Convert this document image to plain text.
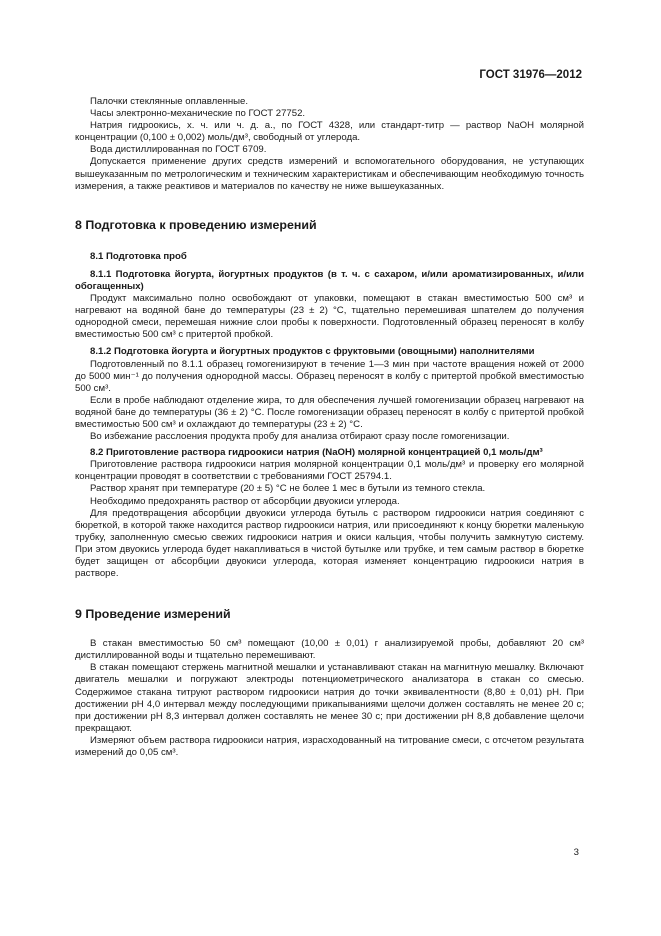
ГОСТ 31976—2012

Палочки стеклянные оплавленные.

Часы электронно-механические по ГОСТ 27752.

Натрия гидроокись, х. ч. или ч. д. а., по ГОСТ 4328, или стандарт-титр — раствор NaOH молярной концентрации (0,100 ± 0,002) моль/дм³, свободный от углерода.

Вода дистиллированная по ГОСТ 6709.

Допускается применение других средств измерений и вспомогательного оборудования, не уступающих вышеуказанным по метрологическим и техническим характеристикам и обеспечивающим необходимую точность измерения, а также реактивов и материалов по качеству не ниже вышеуказанных.

8 Подготовка к проведению измерений

8.1 Подготовка проб

8.1.1 Подготовка йогурта, йогуртных продуктов (в т. ч. с сахаром, и/или ароматизированных, и/или обогащенных)

Продукт максимально полно освобождают от упаковки, помещают в стакан вместимостью 500 см³ и нагревают на водяной бане до температуры (23 ± 2) °С, тщательно перемешивая шпателем до получения однородной смеси, перемешая нижние слои пробы к поверхности. Подготовленный образец переносят в колбу вместимостью 500 см³ с притертой пробкой.

8.1.2 Подготовка йогурта и йогуртных продуктов с фруктовыми (овощными) наполнителями

Подготовленный по 8.1.1 образец гомогенизируют в течение 1—3 мин при частоте вращения ножей от 2000 до 5000 мин⁻¹ до получения однородной массы. Образец переносят в колбу с притертой пробкой вместимостью 500 см³.

Если в пробе наблюдают отделение жира, то для обеспечения лучшей гомогенизации образец нагревают на водяной бане до температуры (36 ± 2) °С. После гомогенизации образец переносят в колбу с притертой пробкой вместимостью 500 см³ и охлаждают до температуры (23 ± 2) °С.

Во избежание расслоения продукта пробу для анализа отбирают сразу после гомогенизации.

8.2 Приготовление раствора гидроокиси натрия (NaOH) молярной концентрацией 0,1 моль/дм³

Приготовление раствора гидроокиси натрия молярной концентрации 0,1 моль/дм³ и проверку его молярной концентрации проводят в соответствии с требованиями ГОСТ 25794.1.

Раствор хранят при температуре (20 ± 5) °С не более 1 мес в бутыли из темного стекла.

Необходимо предохранять раствор от абсорбции двуокиси углерода.

Для предотвращения абсорбции двуокиси углерода бутыль с раствором гидроокиси натрия соединяют с бюреткой, в которой также находится раствор гидроокиси натрия, или присоединяют к концу бюретки маленькую трубку, заполненную смесью свежих гидроокиси натрия и окиси кальция, чтобы получить замкнутую систему. При этом двуокись углерода будет накапливаться в чистой бутылке или трубке, и тем самым раствор в бюретке будет защищен от абсорбции двуокиси углерода, которая изменяет концентрацию гидроокиси натрия в растворе.

9 Проведение измерений

В стакан вместимостью 50 см³ помещают (10,00 ± 0,01) г анализируемой пробы, добавляют 20 см³ дистиллированной воды и тщательно перемешивают.

В стакан помещают стержень магнитной мешалки и устанавливают стакан на магнитную мешалку. Включают двигатель мешалки и погружают электроды потенциометрического анализатора в стакан со смесью. Содержимое стакана титруют раствором гидроокиси натрия до точки эквивалентности (8,80 ± 0,01) рН. При достижении рН 4,0 интервал между последующими прикапываниями щелочи должен составлять не менее 20 с; при достижении рН 8,3 интервал должен составлять не менее 30 с; при достижении рН 8,8 добавление щелочи прекращают.

Измеряют объем раствора гидроокиси натрия, израсходованный на титрование смеси, с отсчетом результата измерений до 0,05 см³.

3
